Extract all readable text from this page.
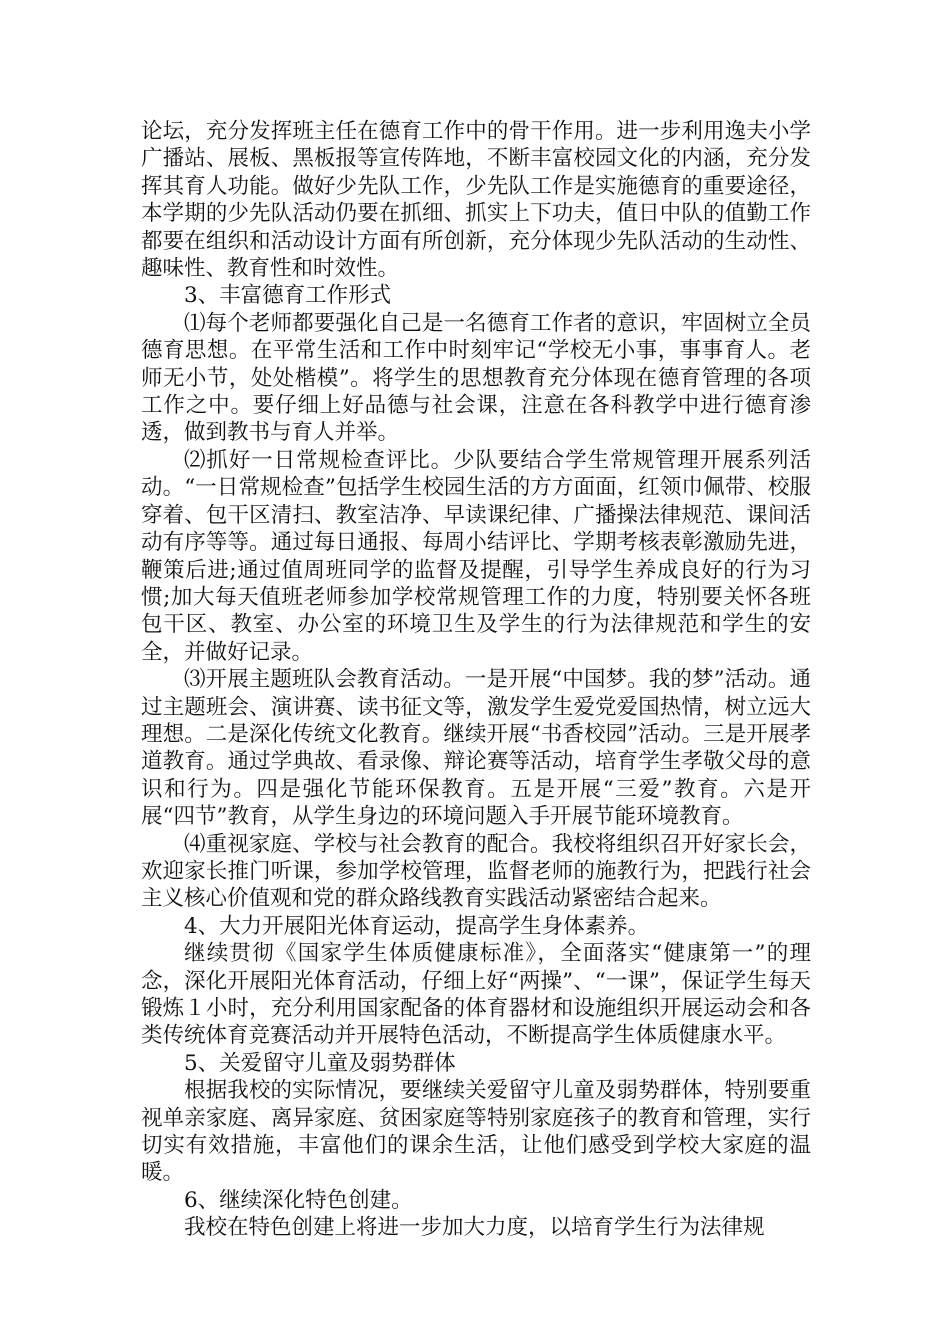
论坛，充分发挥班主任在德育工作中的骨干作用。进一步利用逸夫小学广播站、展板、黑板报等宣传阵地，不断丰富校园文化的内涵，充分发挥其育人功能。做好少先队工作，少先队工作是实施德育的重要途径，本学期的少先队活动仍要在抓细、抓实上下功夫，值日中队的值勤工作都要在组织和活动设计方面有所创新，充分体现少先队活动的生动性、趣味性、教育性和时效性。

3、丰富德育工作形式

⑴每个老师都要强化自己是一名德育工作者的意识，牢固树立全员德育思想。在平常生活和工作中时刻牢记“学校无小事，事事育人。老师无小节，处处楷模”。将学生的思想教育充分体现在德育管理的各项工作之中。要仔细上好品德与社会课，注意在各科教学中进行德育渗透，做到教书与育人并举。

⑵抓好一日常规检查评比。少队要结合学生常规管理开展系列活动。“一日常规检查”包括学生校园生活的方方面面，红领巾佩带、校服穿着、包干区清扫、教室洁净、早读课纪律、广播操法律规范、课间活动有序等等。通过每日通报、每周小结评比、学期考核表彰激励先进，鞭策后进;通过值周班同学的监督及提醒，引导学生养成良好的行为习惯;加大每天值班老师参加学校常规管理工作的力度，特别要关怀各班包干区、教室、办公室的环境卫生及学生的行为法律规范和学生的安全，并做好记录。

⑶开展主题班队会教育活动。一是开展“中国梦。我的梦”活动。通过主题班会、演讲赛、读书征文等，激发学生爱党爱国热情，树立远大理想。二是深化传统文化教育。继续开展“书香校园”活动。三是开展孝道教育。通过学典故、看录像、辩论赛等活动，培育学生孝敬父母的意识和行为。四是强化节能环保教育。五是开展“三爱”教育。六是开展“四节”教育，从学生身边的环境问题入手开展节能环境教育。

⑷重视家庭、学校与社会教育的配合。我校将组织召开好家长会，欢迎家长推门听课，参加学校管理，监督老师的施教行为，把践行社会主义核心价值观和党的群众路线教育实践活动紧密结合起来。

4、大力开展阳光体育运动，提高学生身体素养。

继续贯彻《国家学生体质健康标准》，全面落实“健康第一”的理念，深化开展阳光体育活动，仔细上好“两操”、“一课”，保证学生每天锻炼１小时，充分利用国家配备的体育器材和设施组织开展运动会和各类传统体育竞赛活动并开展特色活动，不断提高学生体质健康水平。

5、关爱留守儿童及弱势群体

根据我校的实际情况，要继续关爱留守儿童及弱势群体，特别要重视单亲家庭、离异家庭、贫困家庭等特别家庭孩子的教育和管理，实行切实有效措施，丰富他们的课余生活，让他们感受到学校大家庭的温暖。

6、继续深化特色创建。

我校在特色创建上将进一步加大力度，以培育学生行为法律规
